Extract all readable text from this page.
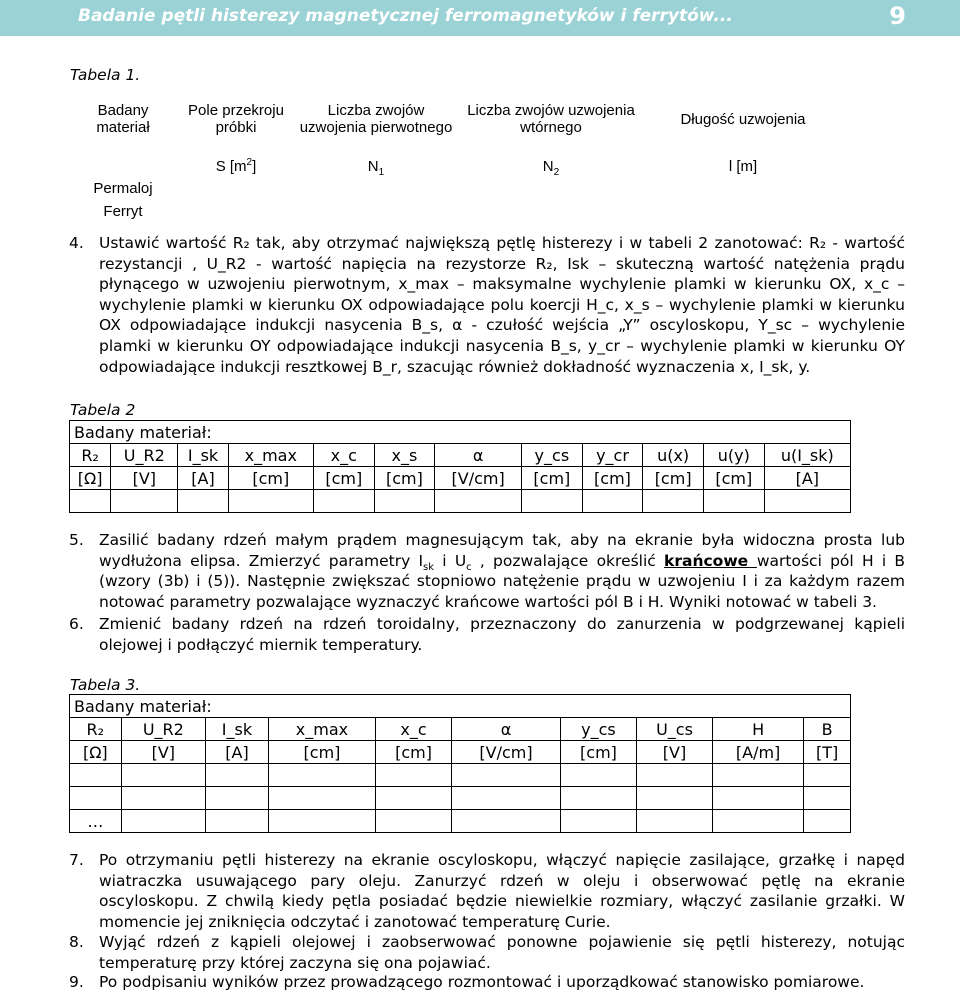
Badanie pętli histerezy magnetycznej ferromagnetyków i ferrytów...	9
Tabela 1.
Badany materiał	Pole przekroju próbki	Liczba zwojów uzwojenia pierwotnego	Liczba zwojów uzwojenia wtórnego	Długość uzwojenia
	S $[m^2]$	$N_1$	$N_2$	l [m]
Permaloj				
Ferryt				
4. Ustawić wartość R₂ tak, aby otrzymać największą pętlę histerezy i w tabeli 2 zanotować: R₂ - wartość rezystancji , U_R2 - wartość napięcia na rezystorze R₂, Isk – skuteczną wartość natężenia prądu płynącego w uzwojeniu pierwotnym, x_max – maksymalne wychylenie plamki w kierunku OX, x_c – wychylenie plamki w kierunku OX odpowiadające polu koercji H_c, x_s – wychylenie plamki w kierunku OX odpowiadające indukcji nasycenia B_s, α - czułość wejścia „Y” oscyloskopu, Y_sc – wychylenie plamki w kierunku OY odpowiadające indukcji nasycenia B_s, y_cr – wychylenie plamki w kierunku OY odpowiadające indukcji resztkowej B_r, szacując również dokładność wyznaczenia x, I_sk, y.
Tabela 2
Badany materiał:											
R₂	U_R2	I_sk	x_max	x_c	x_s	α	y_cs	y_cr	u(x)	u(y)	u(I_sk)
[Ω]	[V]	[A]	[cm]	[cm]	[cm]	[V/cm]	[cm]	[cm]	[cm]	[cm]	[A]

5. Zasilić badany rdzeń małym prądem magnesującym tak, aby na ekranie była widoczna prosta lub wydłużona elipsa. Zmierzyć parametry $I_{sk}$ i $U_c$ , pozwalające określić krańcowe wartości pól H i B (wzory (3b) i (5)). Następnie zwiększać stopniowo natężenie prądu w uzwojeniu I i za każdym razem notować parametry pozwalające wyznaczyć krańcowe wartości pól B i H. Wyniki notować w tabeli 3.
6. Zmienić badany rdzeń na rdzeń toroidalny, przeznaczony do zanurzenia w podgrzewanej kąpieli olejowej i podłączyć miernik temperatury.
Tabela 3.
Badany materiał:									
R₂	U_R2	I_sk	x_max	x_c	α	y_cs	U_cs	H	B
[Ω]	[V]	[A]	[cm]	[cm]	[V/cm]	[cm]	[V]	[A/m]	[T]

…									
7. Po otrzymaniu pętli histerezy na ekranie oscyloskopu, włączyć napięcie zasilające, grzałkę i napęd wiatraczka usuwającego pary oleju. Zanurzyć rdzeń w oleju i obserwować pętlę na ekranie oscyloskopu. Z chwilą kiedy pętla posiadać będzie niewielkie rozmiary, włączyć zasilanie grzałki. W momencie jej zniknięcia odczytać i zanotować temperaturę Curie.
8. Wyjąć rdzeń z kąpieli olejowej i zaobserwować ponowne pojawienie się pętli histerezy, notując temperaturę przy której zaczyna się ona pojawiać.
9. Po podpisaniu wyników przez prowadzącego rozmontować i uporządkować stanowisko pomiarowe.
